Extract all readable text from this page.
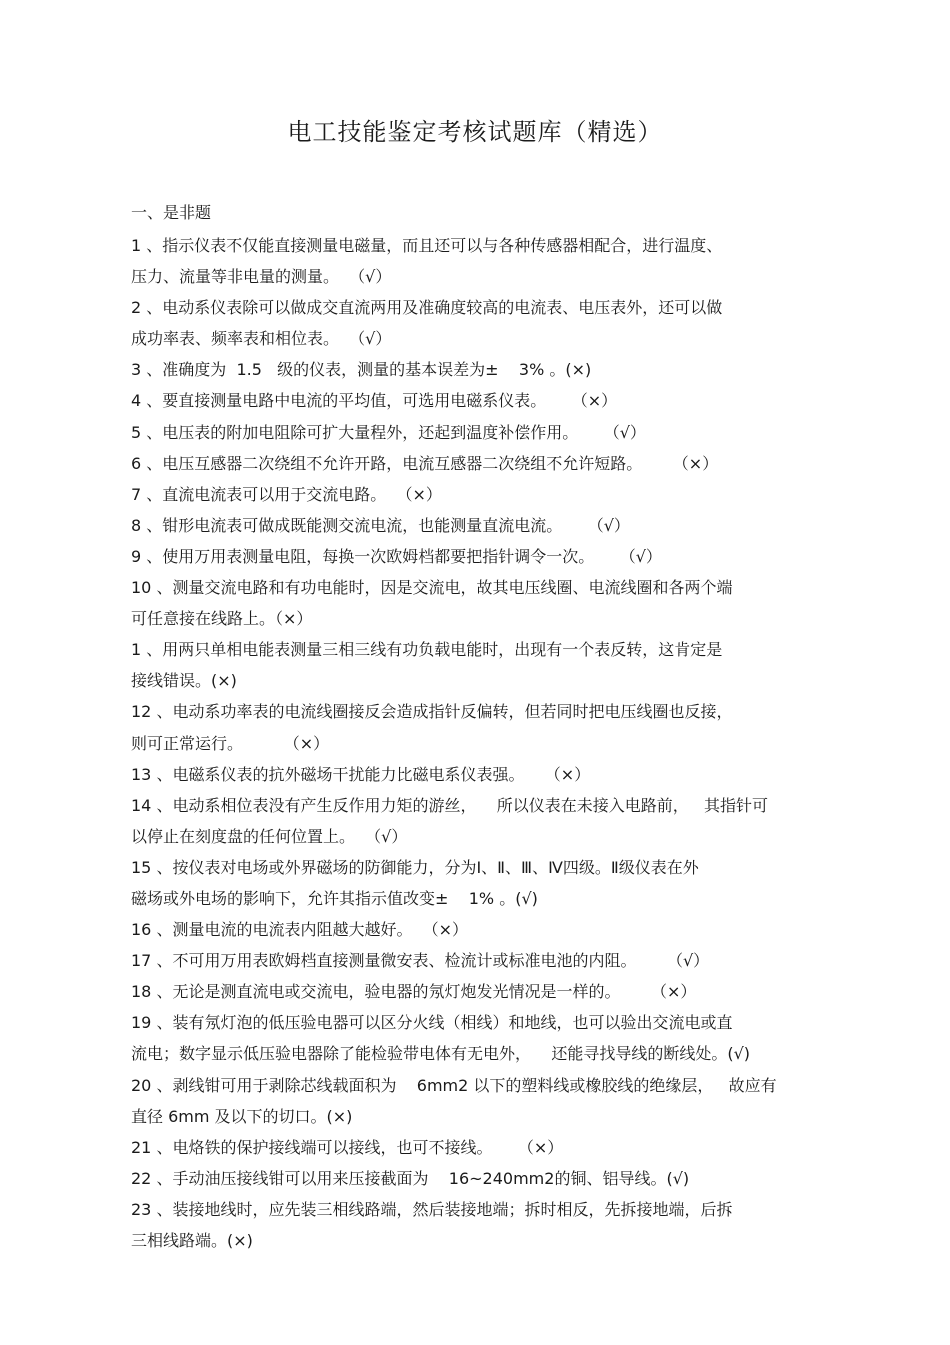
电工技能鉴定考核试题库（精选）
一、是非题
1 、指示仪表不仅能直接测量电磁量，而且还可以与各种传感器相配合，进行温度、
压力、流量等非电量的测量。  （√）
2 、电动系仪表除可以做成交直流两用及准确度较高的电流表、电压表外，还可以做
成功率表、频率表和相位表。  （√）
3 、准确度为  1.5   级的仪表，测量的基本误差为±    3% 。(×)
4 、要直接测量电路中电流的平均值，可选用电磁系仪表。     （×）
5 、电压表的附加电阻除可扩大量程外，还起到温度补偿作用。     （√）
6 、电压互感器二次绕组不允许开路，电流互感器二次绕组不允许短路。      （×）
7 、直流电流表可以用于交流电路。  （×）
8 、钳形电流表可做成既能测交流电流，也能测量直流电流。     （√）
9 、使用万用表测量电阻，每换一次欧姆档都要把指针调令一次。     （√）
10 、测量交流电路和有功电能时，因是交流电，故其电压线圈、电流线圈和各两个端
可任意接在线路上。（×）
1 、用两只单相电能表测量三相三线有功负载电能时，出现有一个表反转，这肯定是
接线错误。(×)
12 、电动系功率表的电流线圈接反会造成指针反偏转，但若同时把电压线圈也反接，
则可正常运行。        （×）
13 、电磁系仪表的抗外磁场干扰能力比磁电系仪表强。    （×）
14 、电动系相位表没有产生反作用力矩的游丝，    所以仪表在未接入电路前，   其指针可
以停止在刻度盘的任何位置上。  （√）
15 、按仪表对电场或外界磁场的防御能力，分为Ⅰ、Ⅱ、Ⅲ、Ⅳ四级。Ⅱ级仪表在外
磁场或外电场的影响下，允许其指示值改变±    1% 。(√)
16 、测量电流的电流表内阻越大越好。  （×）
17 、不可用万用表欧姆档直接测量微安表、检流计或标准电池的内阻。      （√）
18 、无论是测直流电或交流电，验电器的氖灯炮发光情况是一样的。      （×）
19 、装有氖灯泡的低压验电器可以区分火线（相线）和地线，也可以验出交流电或直
流电；数字显示低压验电器除了能检验带电体有无电外，    还能寻找导线的断线处。(√)
20 、剥线钳可用于剥除芯线载面积为    6mm2 以下的塑料线或橡胶线的绝缘层，   故应有
直径 6mm 及以下的切口。(×)
21 、电烙铁的保护接线端可以接线，也可不接线。     （×）
22 、手动油压接线钳可以用来压接截面为    16~240mm2的铜、铝导线。(√)
23 、装接地线时，应先装三相线路端，然后装接地端；拆时相反，先拆接地端，后拆
三相线路端。(×)
